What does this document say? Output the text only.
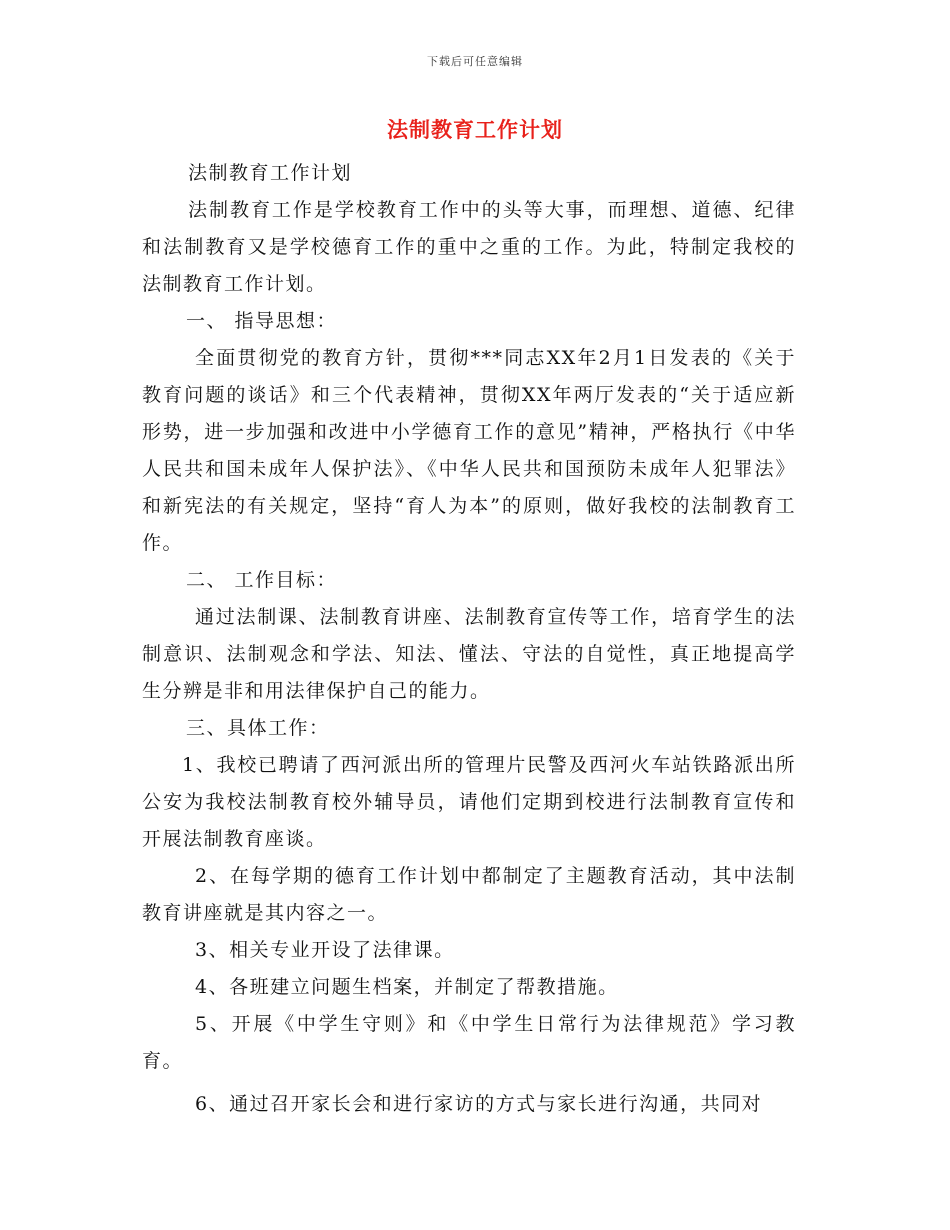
下载后可任意编辑
法制教育工作计划

法制教育工作计划

法制教育工作是学校教育工作中的头等大事，而理想、道德、纪律和法制教育又是学校德育工作的重中之重的工作。为此，特制定我校的法制教育工作计划。

一、 指导思想：

全面贯彻党的教育方针，贯彻***同志XX年2月1日发表的《关于教育问题的谈话》和三个代表精神，贯彻XX年两厅发表的“关于适应新形势，进一步加强和改进中小学德育工作的意见”精神，严格执行《中华人民共和国未成年人保护法》、《中华人民共和国预防未成年人犯罪法》和新宪法的有关规定，坚持“育人为本”的原则，做好我校的法制教育工作。

二、 工作目标：

通过法制课、法制教育讲座、法制教育宣传等工作，培育学生的法制意识、法制观念和学法、知法、懂法、守法的自觉性，真正地提高学生分辨是非和用法律保护自己的能力。

三、具体工作：

1、我校已聘请了西河派出所的管理片民警及西河火车站铁路派出所公安为我校法制教育校外辅导员，请他们定期到校进行法制教育宣传和开展法制教育座谈。

2、在每学期的德育工作计划中都制定了主题教育活动，其中法制教育讲座就是其内容之一。

3、相关专业开设了法律课。

4、各班建立问题生档案，并制定了帮教措施。

5、开展《中学生守则》和《中学生日常行为法律规范》学习教育。

6、通过召开家长会和进行家访的方式与家长进行沟通，共同对
